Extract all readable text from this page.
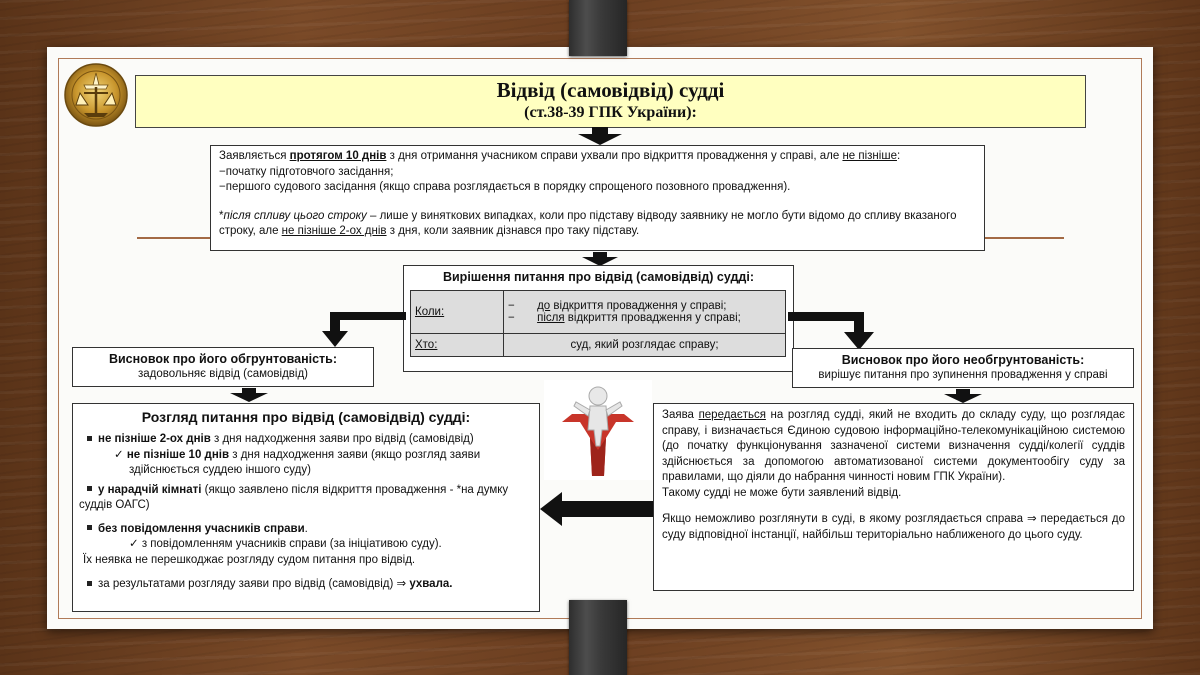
Відвід (самовідвід) судді
(ст.38-39 ГПК України):
Заявляється протягом 10 днів з дня отримання учасником справи ухвали про відкриття провадження у справі, але не пізніше:
−початку підготовчого засідання;
−першого судового засідання (якщо справа розглядається в порядку спрощеного позовного провадження).
*після спливу цього строку – лише у виняткових випадках, коли про підставу відводу заявнику не могло бути відомо до спливу вказаного строку, але не пізніше 2-ох днів з дня, коли заявник дізнався про таку підставу.
Вирішення питання про відвід (самовідвід) судді:
Коли:	− до відкриття провадження у справі;
− після відкриття провадження у справі;

Хто:	суд, який розглядає справу;
Висновок про його обгрунтованість:
задовольняє відвід (самовідвід)
Висновок про його необгрунтованість:
вирішує питання про зупинення провадження у справі
Розгляд питання про відвід (самовідвід) судді:
не пізніше 2-ох днів з дня надходження заяви про відвід (самовідвід)
✓ не пізніше 10 днів з дня надходження заяви (якщо розгляд заяви здійснюється суддею іншого суду)
у нарадчій кімнаті (якщо заявлено після відкриття провадження - *на думку суддів ОАГС)
без повідомлення учасників справи.
✓ з повідомленням учасників справи (за ініціативою суду).
Їх неявка не перешкоджає розгляду судом питання про відвід.
за результатами розгляду заяви про відвід (самовідвід) ⇒ ухвала.
Заява передається на розгляд судді, який не входить до складу суду, що розглядає справу, і визначається Єдиною судовою інформаційно-телекомунікаційною системою (до початку функціонування зазначеної системи визначення судді/колегії суддів здійснюється за допомогою автоматизованої системи документообігу суду за правилами, що діяли до набрання чинності новим ГПК України).
Такому судді не може бути заявлений відвід.
Якщо неможливо розглянути в суді, в якому розглядається справа ⇒ передається до суду відповідної інстанції, найбільш територіально наближеного до цього суду.
